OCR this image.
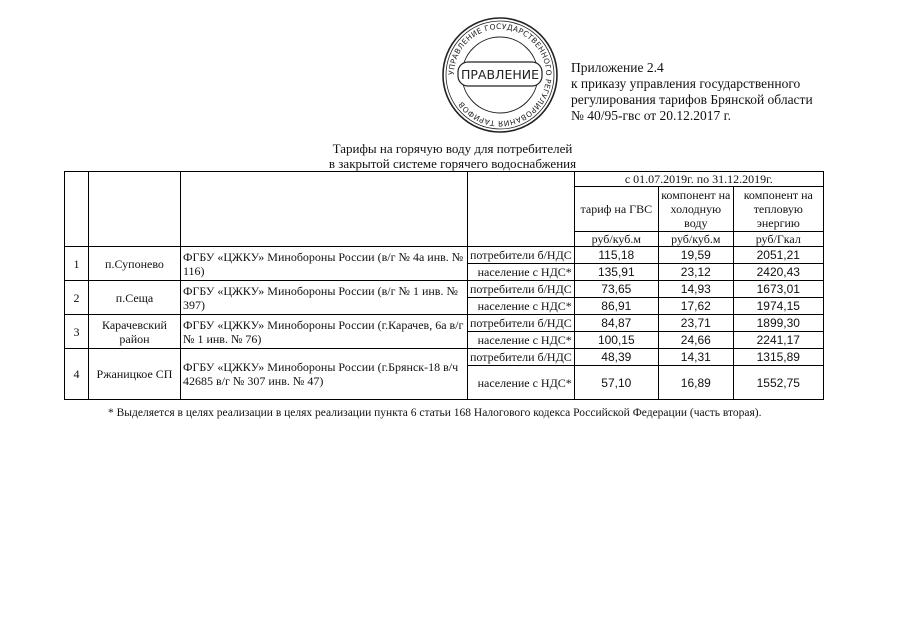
УПРАВЛЕНИЕ ГОСУДАРСТВЕННОГО РЕГУЛИРОВАНИЯ ТАРИФОВ
ПРАВЛЕНИЕ Приложение 2.4
к приказу управления государственного
регулирования тарифов Брянской области
№ 40/95-гвс от 20.12.2017 г.
Тарифы на горячую воду для потребителей
в закрытой системе горячего водоснабжения
				с 01.07.2019г. по 31.12.2019г.		
				тариф на ГВС	компонент на холодную воду	компонент на тепловую энергию
				руб/куб.м	руб/куб.м	руб/Гкал
1	п.Супонево	ФГБУ «ЦЖКУ» Минобороны России (в/г № 4а инв. № 116)	потребители б/НДС	115,18	19,59	2051,21
			население с НДС*	135,91	23,12	2420,43
2	п.Сеща	ФГБУ «ЦЖКУ» Минобороны России (в/г № 1 инв. № 397)	потребители б/НДС	73,65	14,93	1673,01
			население с НДС*	86,91	17,62	1974,15
3	Карачевский район	ФГБУ «ЦЖКУ» Минобороны России (г.Карачев, 6а в/г № 1 инв. № 76)	потребители б/НДС	84,87	23,71	1899,30
			население с НДС*	100,15	24,66	2241,17
4	Ржаницкое СП	ФГБУ «ЦЖКУ» Минобороны России (г.Брянск-18 в/ч 42685 в/г № 307 инв. № 47)	потребители б/НДС	48,39	14,31	1315,89
			население с НДС*	57,10	16,89	1552,75
* Выделяется в целях реализации в целях реализации пункта 6 статьи 168 Налогового кодекса Российской Федерации (часть вторая).
